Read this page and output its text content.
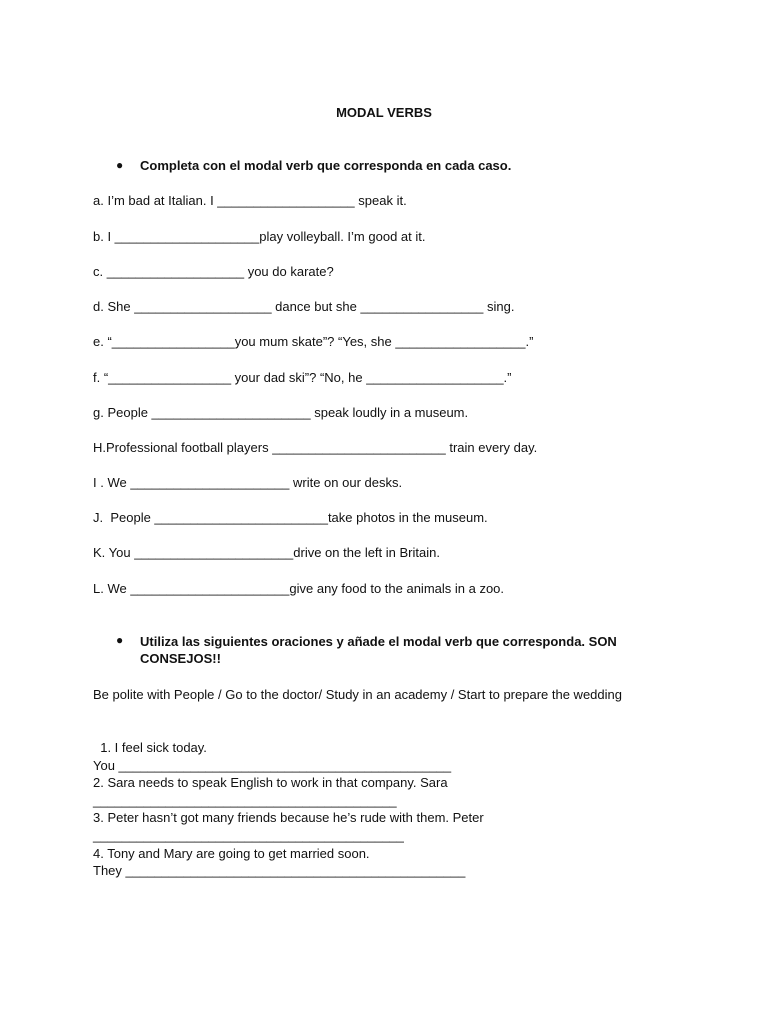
MODAL VERBS
● Completa con el modal verb que corresponda en cada caso.
a. I’m bad at Italian. I ___________________ speak it.
b. I ____________________play volleyball. I’m good at it.
c. ___________________ you do karate?
d. She ___________________ dance but she _________________ sing.
e. “_________________you mum skate”? “Yes, she __________________.”
f. “_________________ your dad ski”? “No, he ___________________.”
g. People ______________________ speak loudly in a museum.
H.Professional football players ________________________ train every day.
I . We ______________________ write on our desks.
J.  People ________________________take photos in the museum.
K. You ______________________drive on the left in Britain.
L. We ______________________give any food to the animals in a zoo.
● Utiliza las siguientes oraciones y añade el modal verb que corresponda. SON CONSEJOS!!
Be polite with People / Go to the doctor/ Study in an academy / Start to prepare the wedding
1. I feel sick today.
You ______________________________________________
2. Sara needs to speak English to work in that company. Sara
__________________________________________
3. Peter hasn’t got many friends because he’s rude with them. Peter
___________________________________________
4. Tony and Mary are going to get married soon.
They _______________________________________________
